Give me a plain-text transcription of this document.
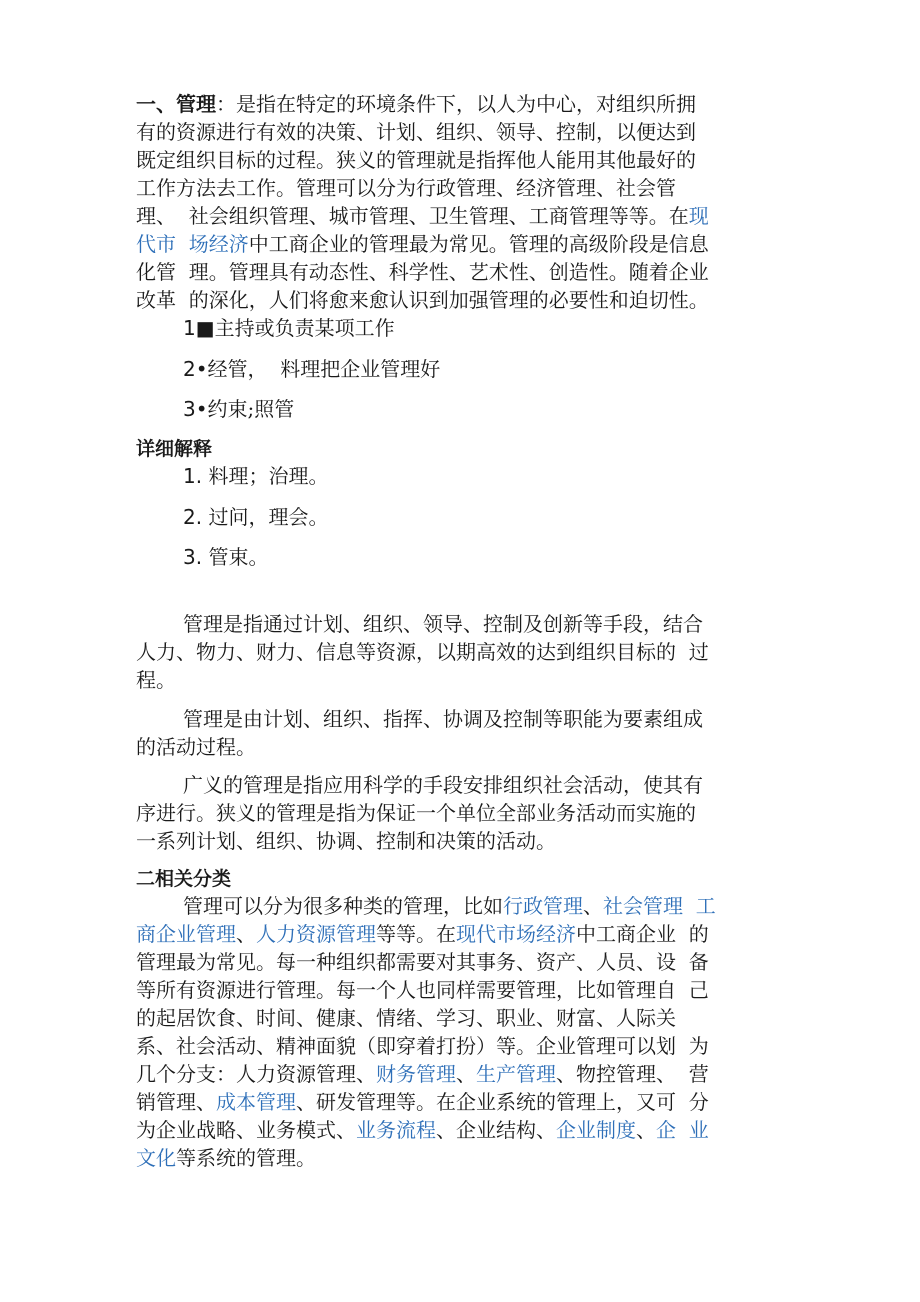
一、管理：是指在特定的环境条件下，以人为中心，对组织所拥

有的资源进行有效的决策、计划、组织、领导、控制，以便达到

既定组织目标的过程。狭义的管理就是指挥他人能用其他最好的

工作方法去工作。管理可以分为行政管理、经济管理、社会管

理、  社会组织管理、城市管理、卫生管理、工商管理等等。在现

代市  场经济中工商企业的管理最为常见。管理的高级阶段是信息

化管  理。管理具有动态性、科学性、艺术性、创造性。随着企业

改革  的深化，人们将愈来愈认识到加强管理的必要性和迫切性。

1■主持或负责某项工作

2•经管，  料理把企业管理好

3•约束;照管

详细解释

1. 料理；治理。

2. 过问，理会。

3. 管束。

管理是指通过计划、组织、领导、控制及创新等手段，结合

人力、物力、财力、信息等资源，以期高效的达到组织目标的  过

程。

管理是由计划、组织、指挥、协调及控制等职能为要素组成

的活动过程。

广义的管理是指应用科学的手段安排组织社会活动，使其有

序进行。狭义的管理是指为保证一个单位全部业务活动而实施的

一系列计划、组织、协调、控制和决策的活动。

二相关分类

管理可以分为很多种类的管理，比如行政管理、社会管理 工

商企业管理、人力资源管理等等。在现代市场经济中工商企业  的

管理最为常见。每一种组织都需要对其事务、资产、人员、设  备

等所有资源进行管理。每一个人也同样需要管理，比如管理自  己

的起居饮食、时间、健康、情绪、学习、职业、财富、人际关

系、社会活动、精神面貌（即穿着打扮）等。企业管理可以划  为

几个分支：人力资源管理、财务管理、生产管理、物控管理、  营

销管理、成本管理、研发管理等。在企业系统的管理上，又可  分

为企业战略、业务模式、业务流程、企业结构、企业制度、企  业

文化等系统的管理。
